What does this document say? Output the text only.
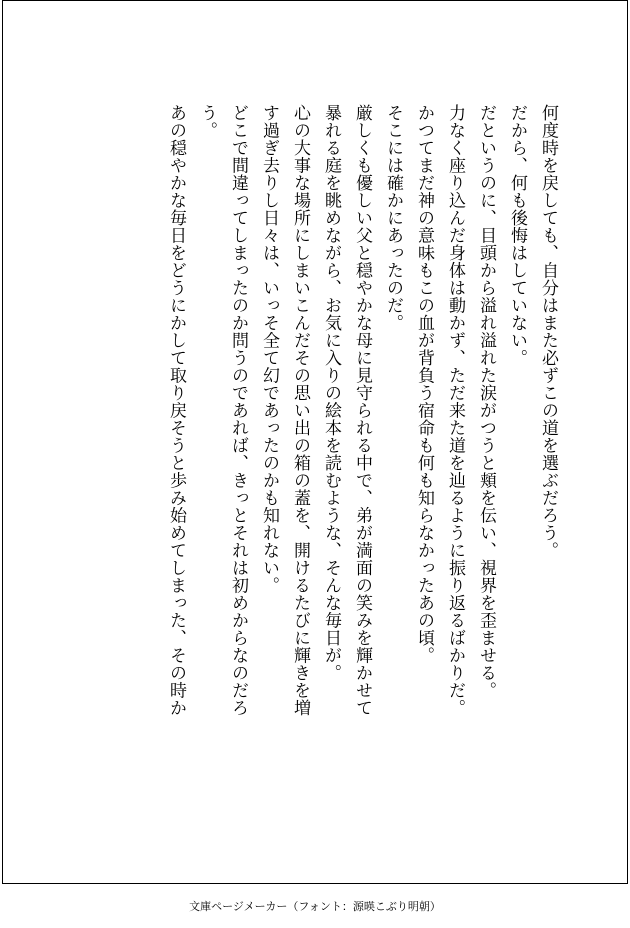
何度時を戻しても、自分はまた必ずこの道を選ぶだろう。

だから、何も後悔はしていない。

だというのに、目頭から溢れ溢れた涙がつうと頬を伝い、視界を歪ませる。

力なく座り込んだ身体は動かず、ただ来た道を辿るように振り返るばかりだ。

かつてまだ神の意味もこの血が背負う宿命も何も知らなかったあの頃。

そこには確かにあったのだ。

厳しくも優しい父と穏やかな母に見守られる中で、弟が満面の笑みを輝かせて

暴れる庭を眺めながら、お気に入りの絵本を読むような、そんな毎日が。

心の大事な場所にしまいこんだその思い出の箱の蓋を、開けるたびに輝きを増

す過ぎ去りし日々は、いっそ全て幻であったのかも知れない。

どこで間違ってしまったのか問うのであれば、きっとそれは初めからなのだろ

う。

あの穏やかな毎日をどうにかして取り戻そうと歩み始めてしまった、その時か

文庫ページメーカー（フォント：源暎こぶり明朝）
